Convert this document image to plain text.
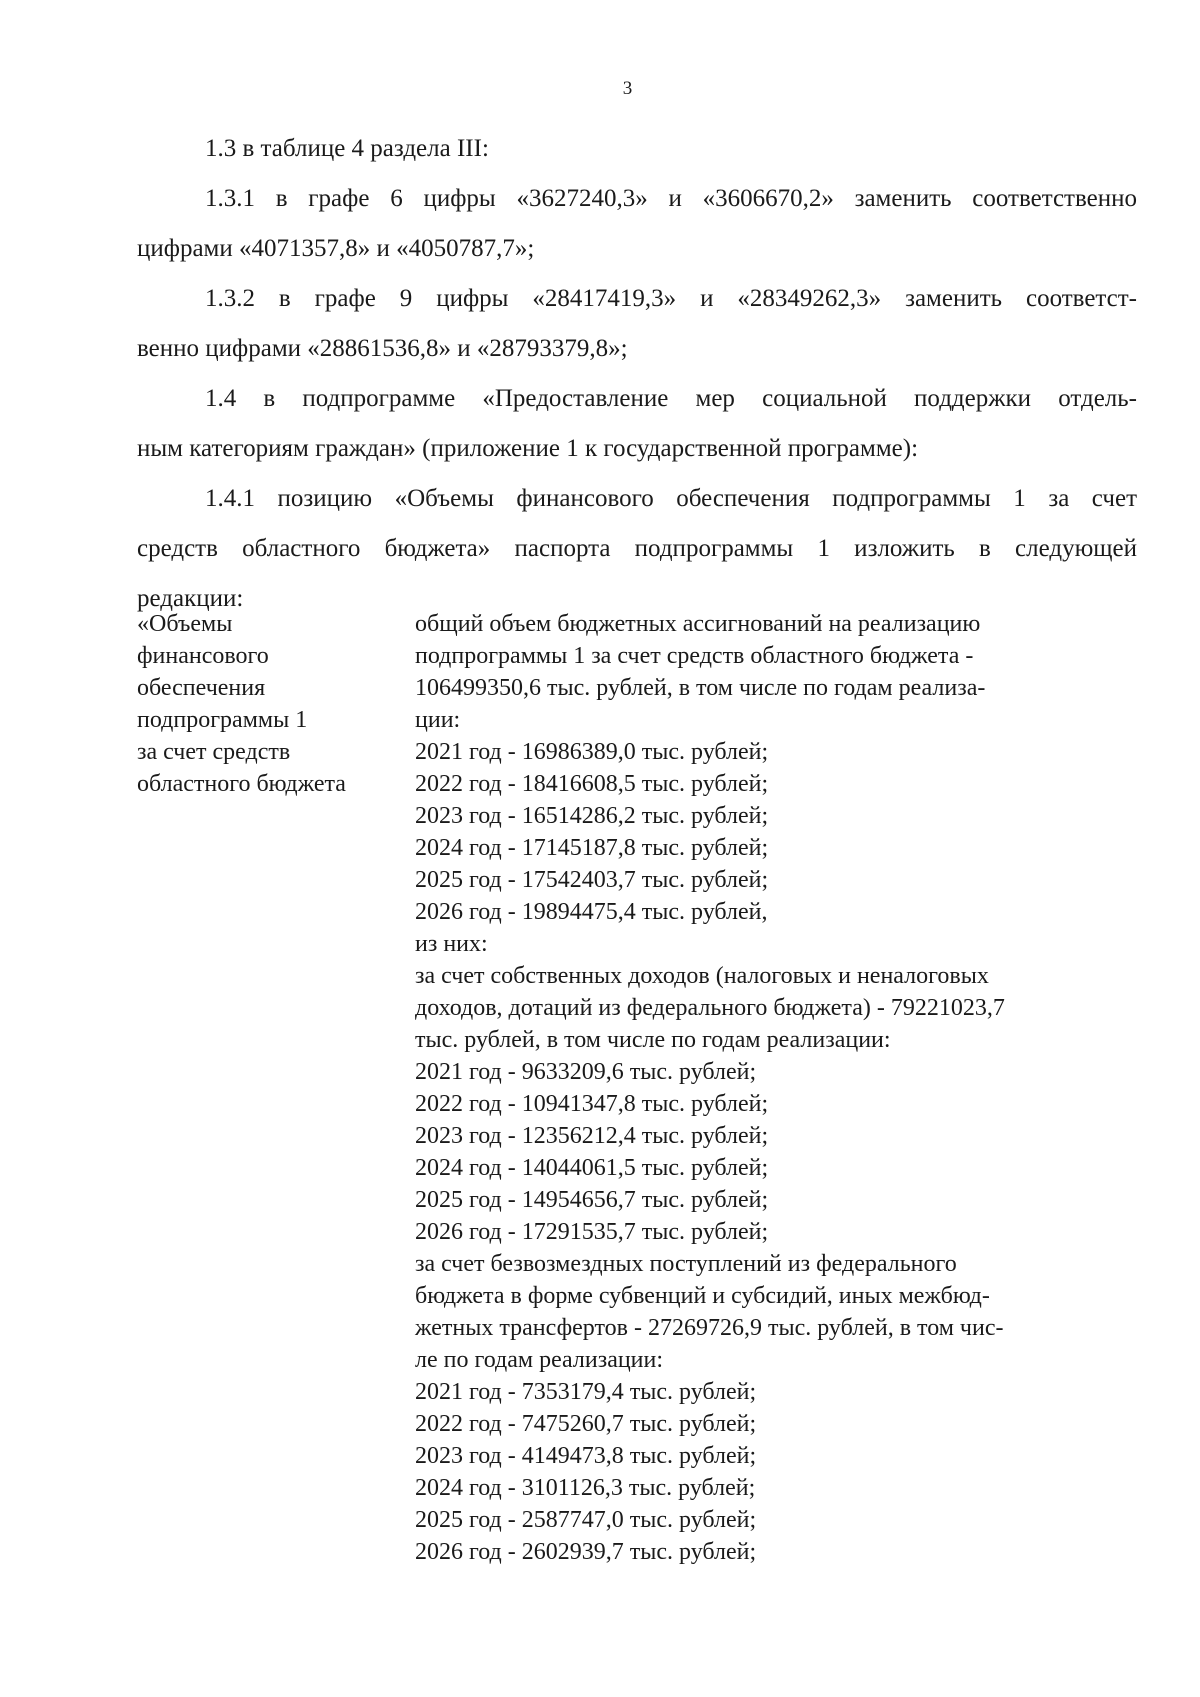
3
1.3 в таблице 4 раздела III:
1.3.1 в графе 6 цифры «3627240,3» и «3606670,2» заменить соответственно
цифрами «4071357,8» и «4050787,7»;
1.3.2 в графе 9 цифры «28417419,3» и «28349262,3» заменить соответст-
венно цифрами «28861536,8» и «28793379,8»;
1.4 в подпрограмме «Предоставление мер социальной поддержки отдель-
ным категориям граждан» (приложение 1 к государственной программе):
1.4.1 позицию «Объемы финансового обеспечения подпрограммы 1 за счет
средств областного бюджета» паспорта подпрограммы 1 изложить в следующей
редакции:
«Объемы
финансового
обеспечения
подпрограммы 1
за счет средств
областного бюджета
общий объем бюджетных ассигнований на реализацию
подпрограммы 1 за счет средств областного бюджета -
106499350,6 тыс. рублей, в том числе по годам реализа-
ции:
2021 год - 16986389,0 тыс. рублей;
2022 год - 18416608,5 тыс. рублей;
2023 год - 16514286,2 тыс. рублей;
2024 год - 17145187,8 тыс. рублей;
2025 год - 17542403,7 тыс. рублей;
2026 год - 19894475,4 тыс. рублей,
из них:
за счет собственных доходов (налоговых и неналоговых
доходов, дотаций из федерального бюджета) - 79221023,7
тыс. рублей, в том числе по годам реализации:
2021 год - 9633209,6 тыс. рублей;
2022 год - 10941347,8 тыс. рублей;
2023 год - 12356212,4 тыс. рублей;
2024 год - 14044061,5 тыс. рублей;
2025 год - 14954656,7 тыс. рублей;
2026 год - 17291535,7 тыс. рублей;
за счет безвозмездных поступлений из федерального
бюджета в форме субвенций и субсидий, иных межбюд-
жетных трансфертов - 27269726,9 тыс. рублей, в том чис-
ле по годам реализации:
2021 год - 7353179,4 тыс. рублей;
2022 год - 7475260,7 тыс. рублей;
2023 год - 4149473,8 тыс. рублей;
2024 год - 3101126,3 тыс. рублей;
2025 год - 2587747,0 тыс. рублей;
2026 год - 2602939,7 тыс. рублей;
